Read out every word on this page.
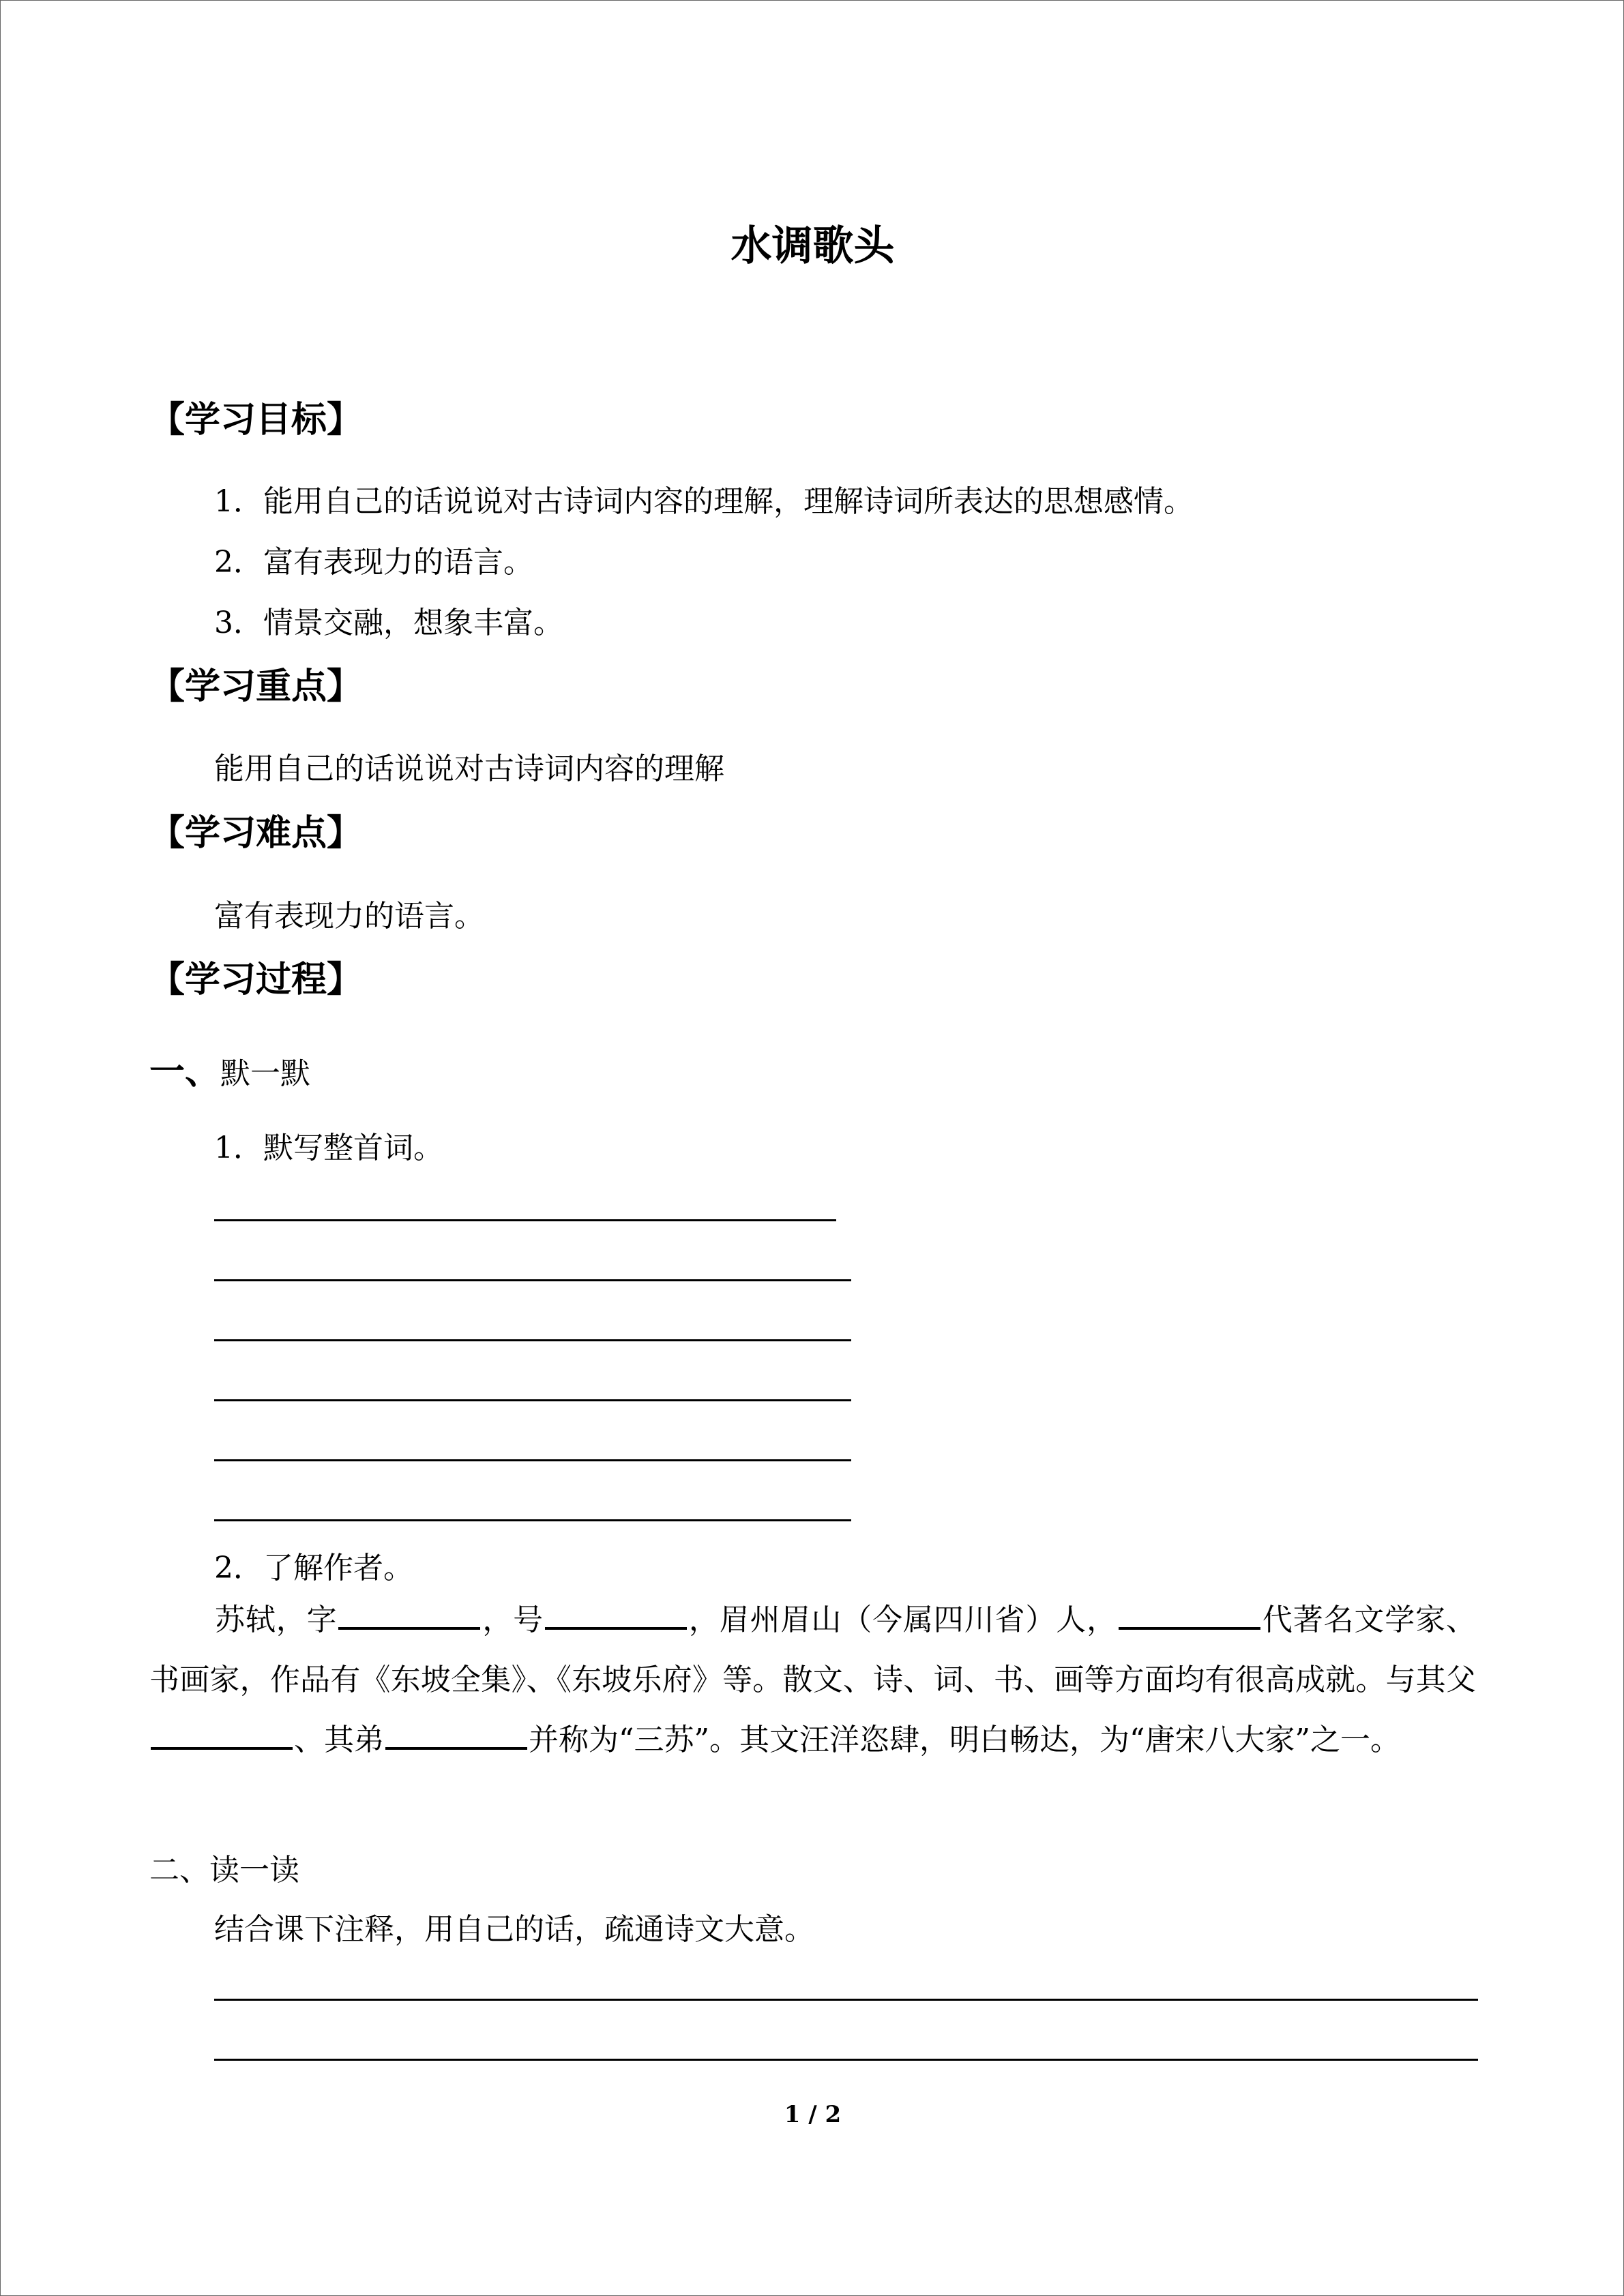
水调歌头
【学习目标】
1．能用自己的话说说对古诗词内容的理解，理解诗词所表达的思想感情。
2．富有表现力的语言。
3．情景交融，想象丰富。
【学习重点】
能用自己的话说说对古诗词内容的理解
【学习难点】
富有表现力的语言。
【学习过程】
一、默一默
1．默写整首词。
2．了解作者。
苏轼，字	，号	，眉州眉山（今属四川省）人，	代著名文学家、书画家，作品有《东坡全集》、《东坡乐府》等。散文、诗、词、书、画等方面均有很高成就。与其父、其弟	并称为“三苏”。其文汪洋恣肆，明白畅达，为“唐宋八大家”之一。
二、读一读
结合课下注释，用自己的话，疏通诗文大意。
1 / 2
